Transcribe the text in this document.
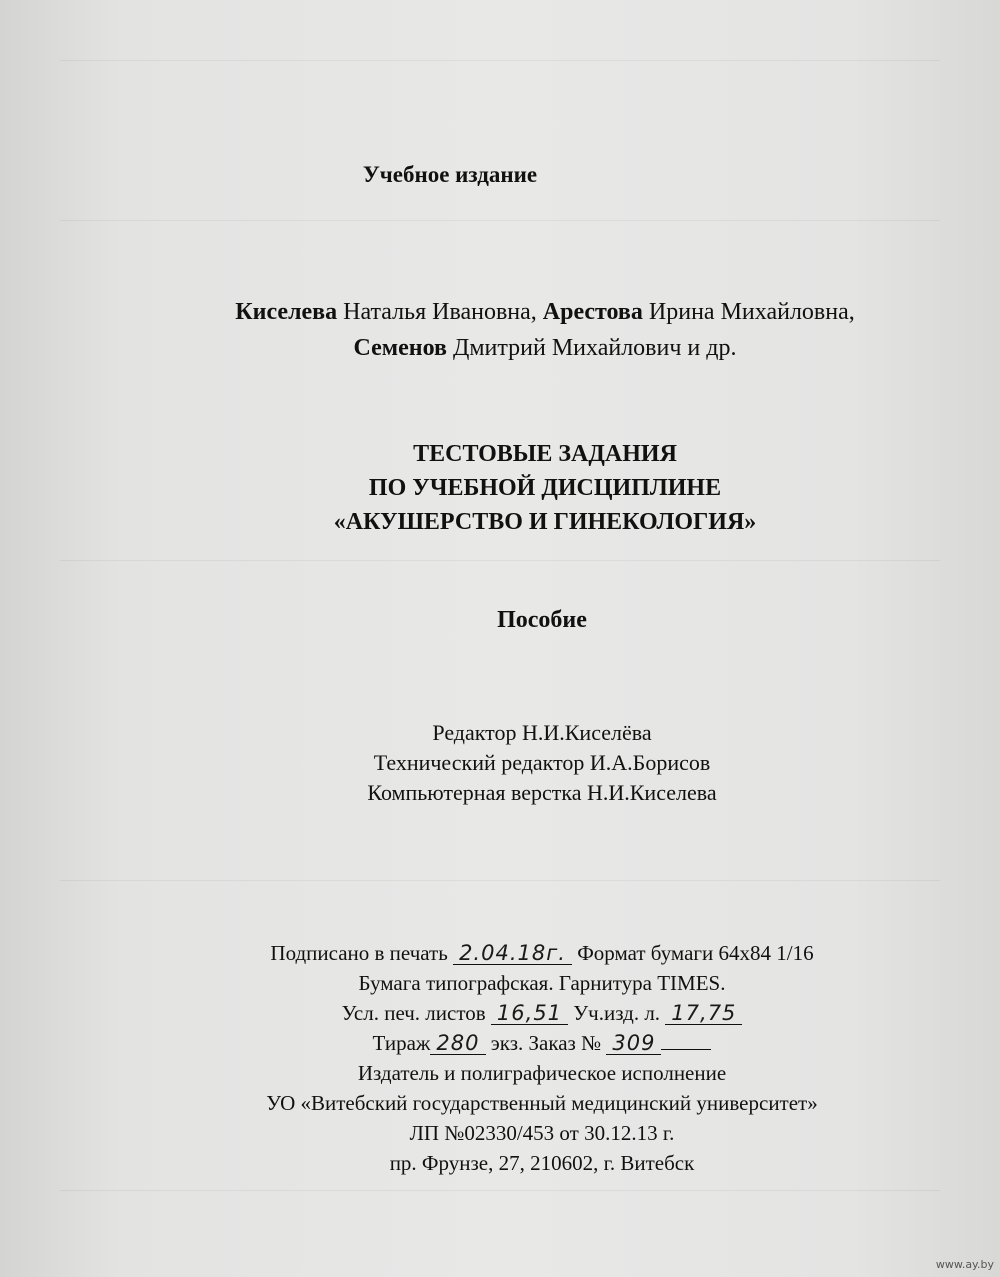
Учебное издание
Киселева Наталья Ивановна, Арестова Ирина Михайловна,
Семенов Дмитрий Михайлович и др.
ТЕСТОВЫЕ ЗАДАНИЯ
ПО УЧЕБНОЙ ДИСЦИПЛИНЕ
«АКУШЕРСТВО И ГИНЕКОЛОГИЯ»
Пособие
Редактор Н.И.Киселёва
Технический редактор И.А.Борисов
Компьютерная верстка Н.И.Киселева
Подписано в печать 2.04.18г. Формат бумаги 64x84 1/16
Бумага типографская. Гарнитура TIMES.
Усл. печ. листов 16,51 Уч.изд. л. 17,75
Тираж 280 экз. Заказ № 309
Издатель и полиграфическое исполнение
УО «Витебский государственный медицинский университет»
ЛП №02330/453 от 30.12.13 г.
пр. Фрунзе, 27, 210602, г. Витебск
www.ay.by
